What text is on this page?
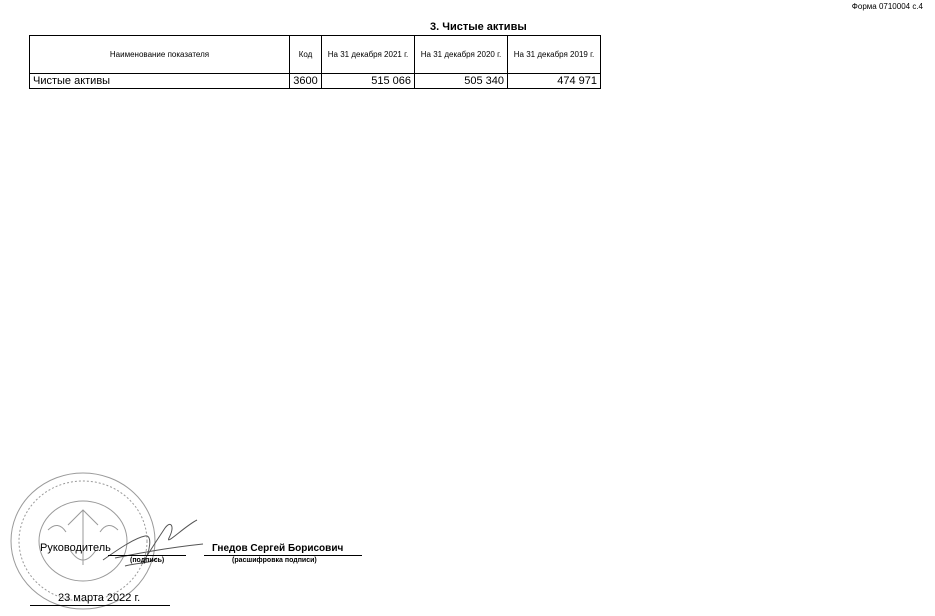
Форма 0710004 с.4
3. Чистые активы
Наименование показателя	Код	На 31 декабря 2021 г.	На 31 декабря 2020 г.	На 31 декабря 2019 г.
Чистые активы	3600	515 066	505 340	474 971
Руководитель
(подпись)
Гнедов Сергей Борисович
(расшифровка подписи)
23 марта 2022 г.
